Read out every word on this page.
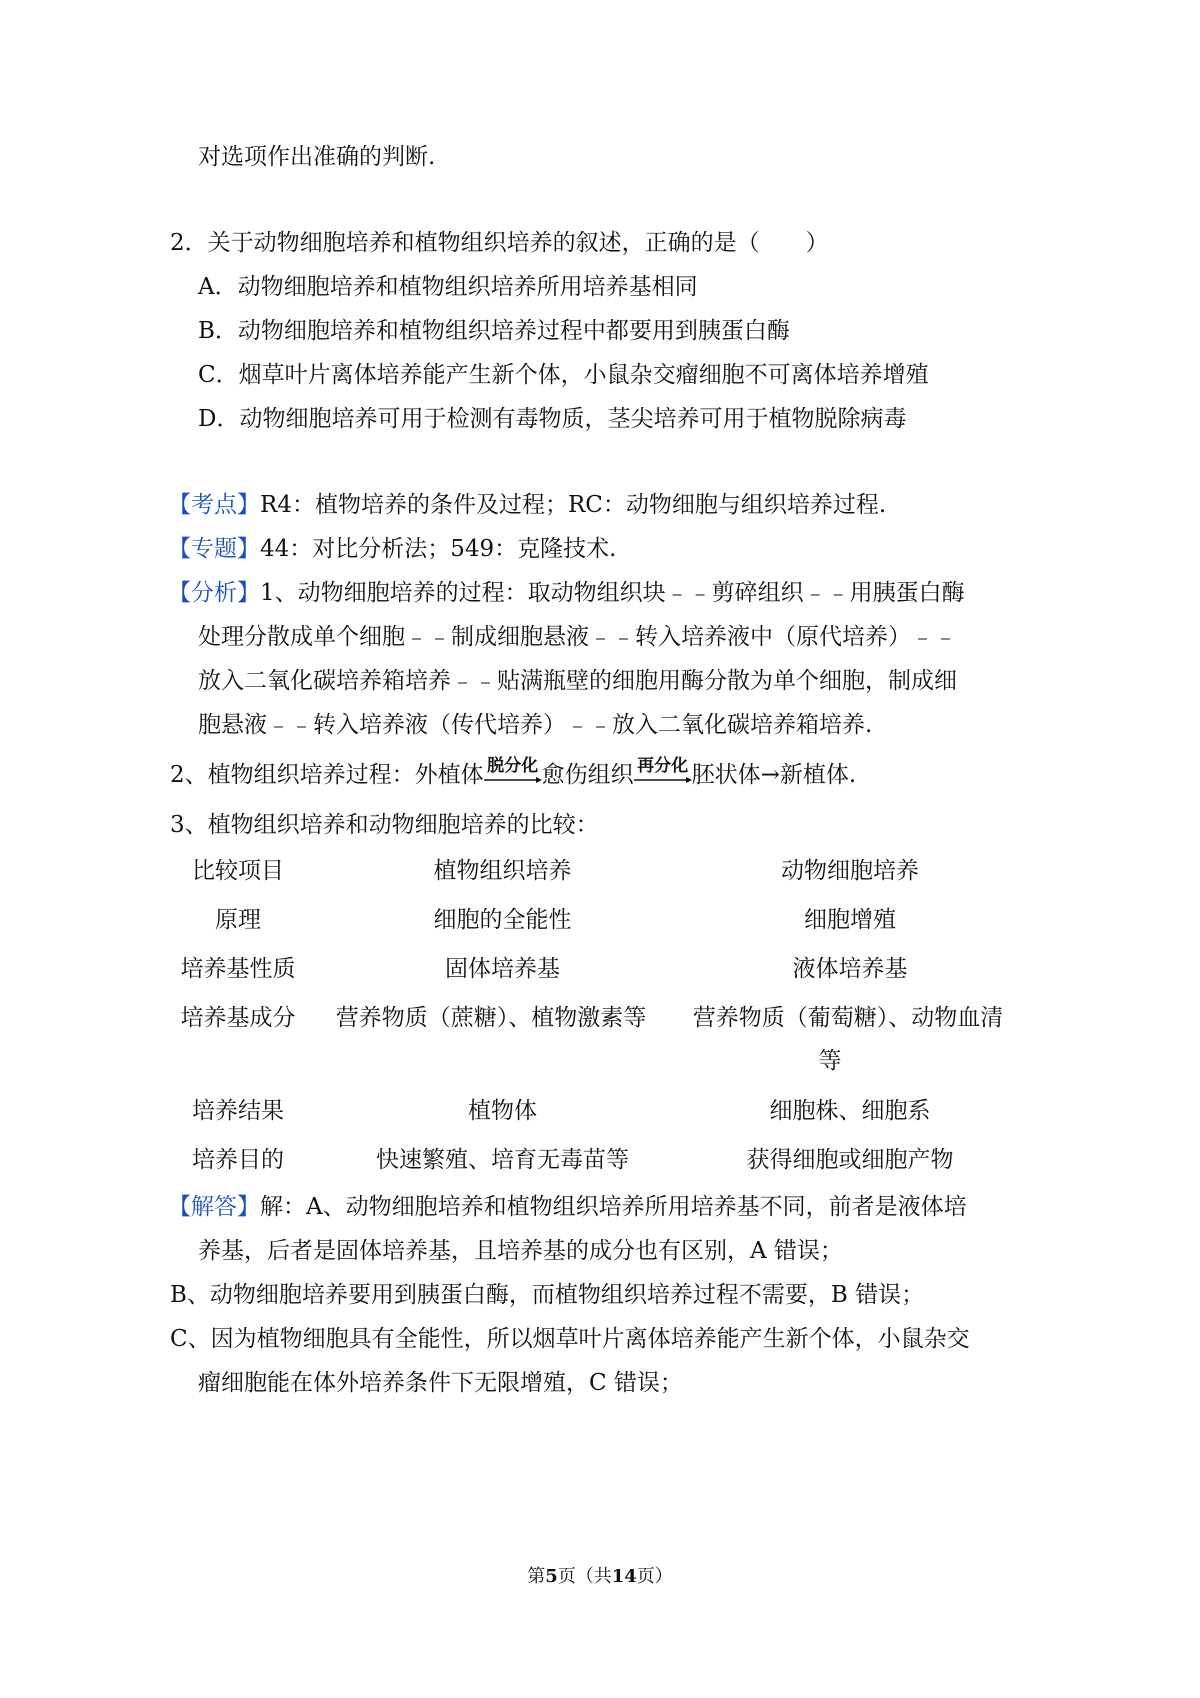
对选项作出准确的判断.
2．关于动物细胞培养和植物组织培养的叙述，正确的是（　　）
A．动物细胞培养和植物组织培养所用培养基相同
B．动物细胞培养和植物组织培养过程中都要用到胰蛋白酶
C．烟草叶片离体培养能产生新个体，小鼠杂交瘤细胞不可离体培养增殖
D．动物细胞培养可用于检测有毒物质，茎尖培养可用于植物脱除病毒
【考点】R4：植物培养的条件及过程；RC：动物细胞与组织培养过程.
【专题】44：对比分析法；549：克隆技术.
【分析】1、动物细胞培养的过程：取动物组织块﹣﹣剪碎组织﹣﹣用胰蛋白酶
处理分散成单个细胞﹣﹣制成细胞悬液﹣﹣转入培养液中（原代培养）﹣﹣
放入二氧化碳培养箱培养﹣﹣贴满瓶壁的细胞用酶分散为单个细胞，制成细
胞悬液﹣﹣转入培养液（传代培养）﹣﹣放入二氧化碳培养箱培养.
2、植物组织培养过程：外植体 脱分化 愈伤组织 再分化 胚状体→新植体.
3、植物组织培养和动物细胞培养的比较：
比较项目	植物组织培养	动物细胞培养
原理	细胞的全能性	细胞增殖
培养基性质	固体培养基	液体培养基
培养基成分	营养物质（蔗糖）、植物激素等	营养物质（葡萄糖）、动物血清
等
培养结果	植物体	细胞株、细胞系
培养目的	快速繁殖、培育无毒苗等	获得细胞或细胞产物
【解答】解：A、动物细胞培养和植物组织培养所用培养基不同，前者是液体培
养基，后者是固体培养基，且培养基的成分也有区别，A 错误；
B、动物细胞培养要用到胰蛋白酶，而植物组织培养过程不需要，B 错误；
C、因为植物细胞具有全能性，所以烟草叶片离体培养能产生新个体，小鼠杂交
瘤细胞能在体外培养条件下无限增殖，C 错误；
第5页（共14页）
